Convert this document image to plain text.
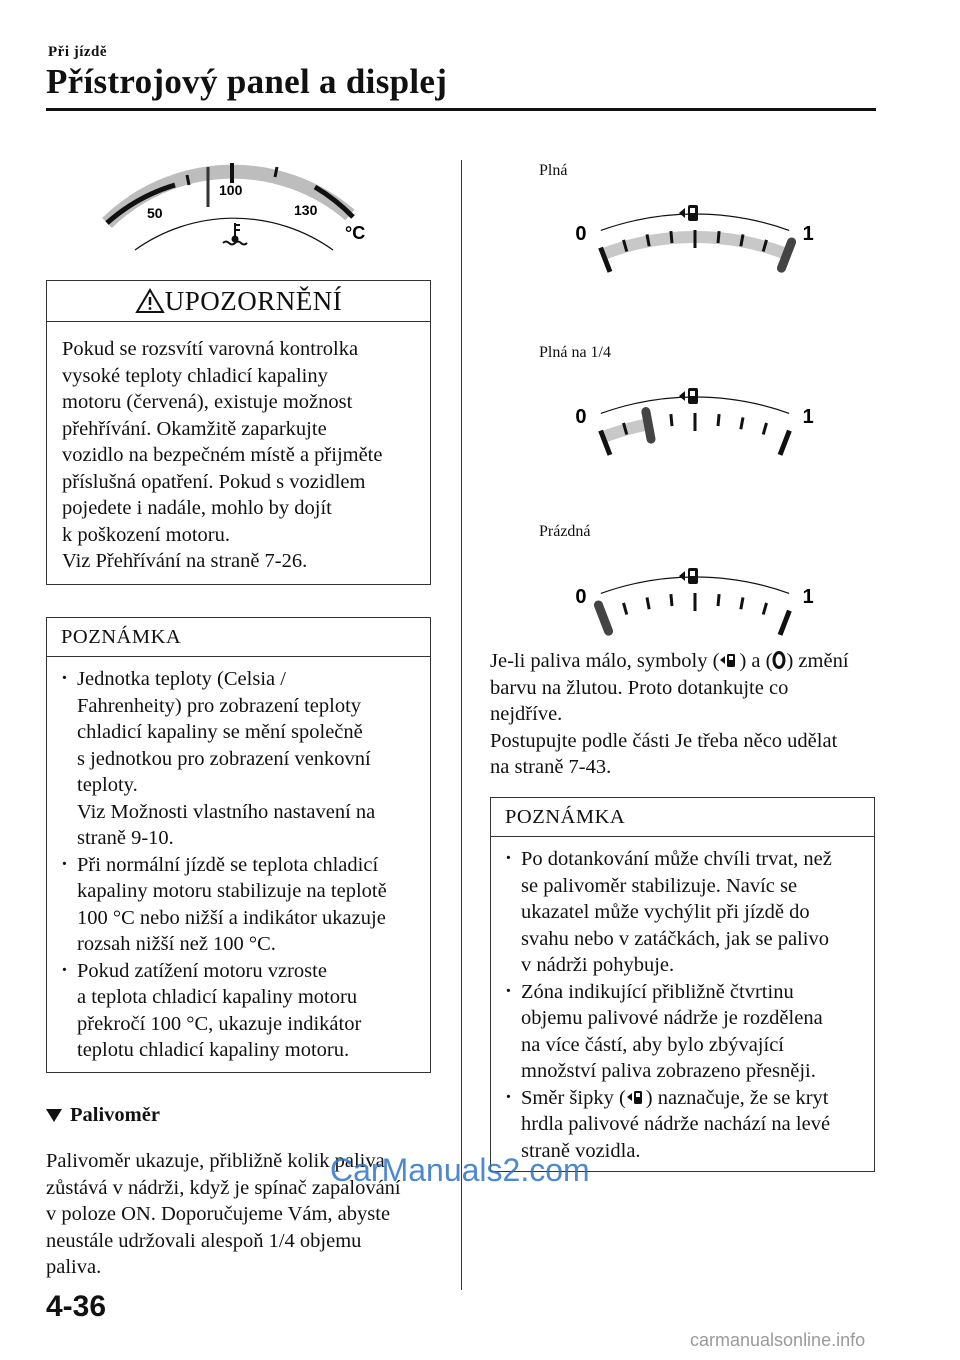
Při jízdě
Přístrojový panel a displej
50
100
130
°C
UPOZORNĚNÍ
Pokud se rozsvítí varovná kontrolka
vysoké teploty chladicí kapaliny
motoru (červená), existuje možnost
přehřívání. Okamžitě zaparkujte
vozidlo na bezpečném místě a přijměte
příslušná opatření. Pokud s vozidlem
pojedete i nadále, mohlo by dojít
k poškození motoru.
Viz Přehřívání na straně 7-26.
POZNÁMKA
· Jednotka teploty (Celsia /
Fahrenheity) pro zobrazení teploty
chladicí kapaliny se mění společně
s jednotkou pro zobrazení venkovní
teploty.
Viz Možnosti vlastního nastavení na
straně 9-10.
· Při normální jízdě se teplota chladicí
kapaliny motoru stabilizuje na teplotě
100 °C nebo nižší a indikátor ukazuje
rozsah nižší než 100 °C.
· Pokud zatížení motoru vzroste
a teplota chladicí kapaliny motoru
překročí 100 °C, ukazuje indikátor
teplotu chladicí kapaliny motoru.
Palivoměr
Palivoměr ukazuje, přibližně kolik paliva
zůstává v nádrži, když je spínač zapalování
v poloze ON. Doporučujeme Vám, abyste
neustále udržovali alespoň 1/4 objemu
paliva.
Plná
Plná na 1/4
Prázdná
0	1
0	1
0	1
Je-li paliva málo, symboly ( ) a ( ) změní
barvu na žlutou. Proto dotankujte co
nejdříve.
Postupujte podle části Je třeba něco udělat
na straně 7-43.
POZNÁMKA
· Po dotankování může chvíli trvat, než
se palivoměr stabilizuje. Navíc se
ukazatel může vychýlit při jízdě do
svahu nebo v zatáčkách, jak se palivo
v nádrži pohybuje.
· Zóna indikující přibližně čtvrtinu
objemu palivové nádrže je rozdělena
na více částí, aby bylo zbývající
množství paliva zobrazeno přesněji.
· Směr šipky ( ) naznačuje, že se kryt
hrdla palivové nádrže nachází na levé
straně vozidla.
4-36
CarManuals2.com
carmanualsonline.info
